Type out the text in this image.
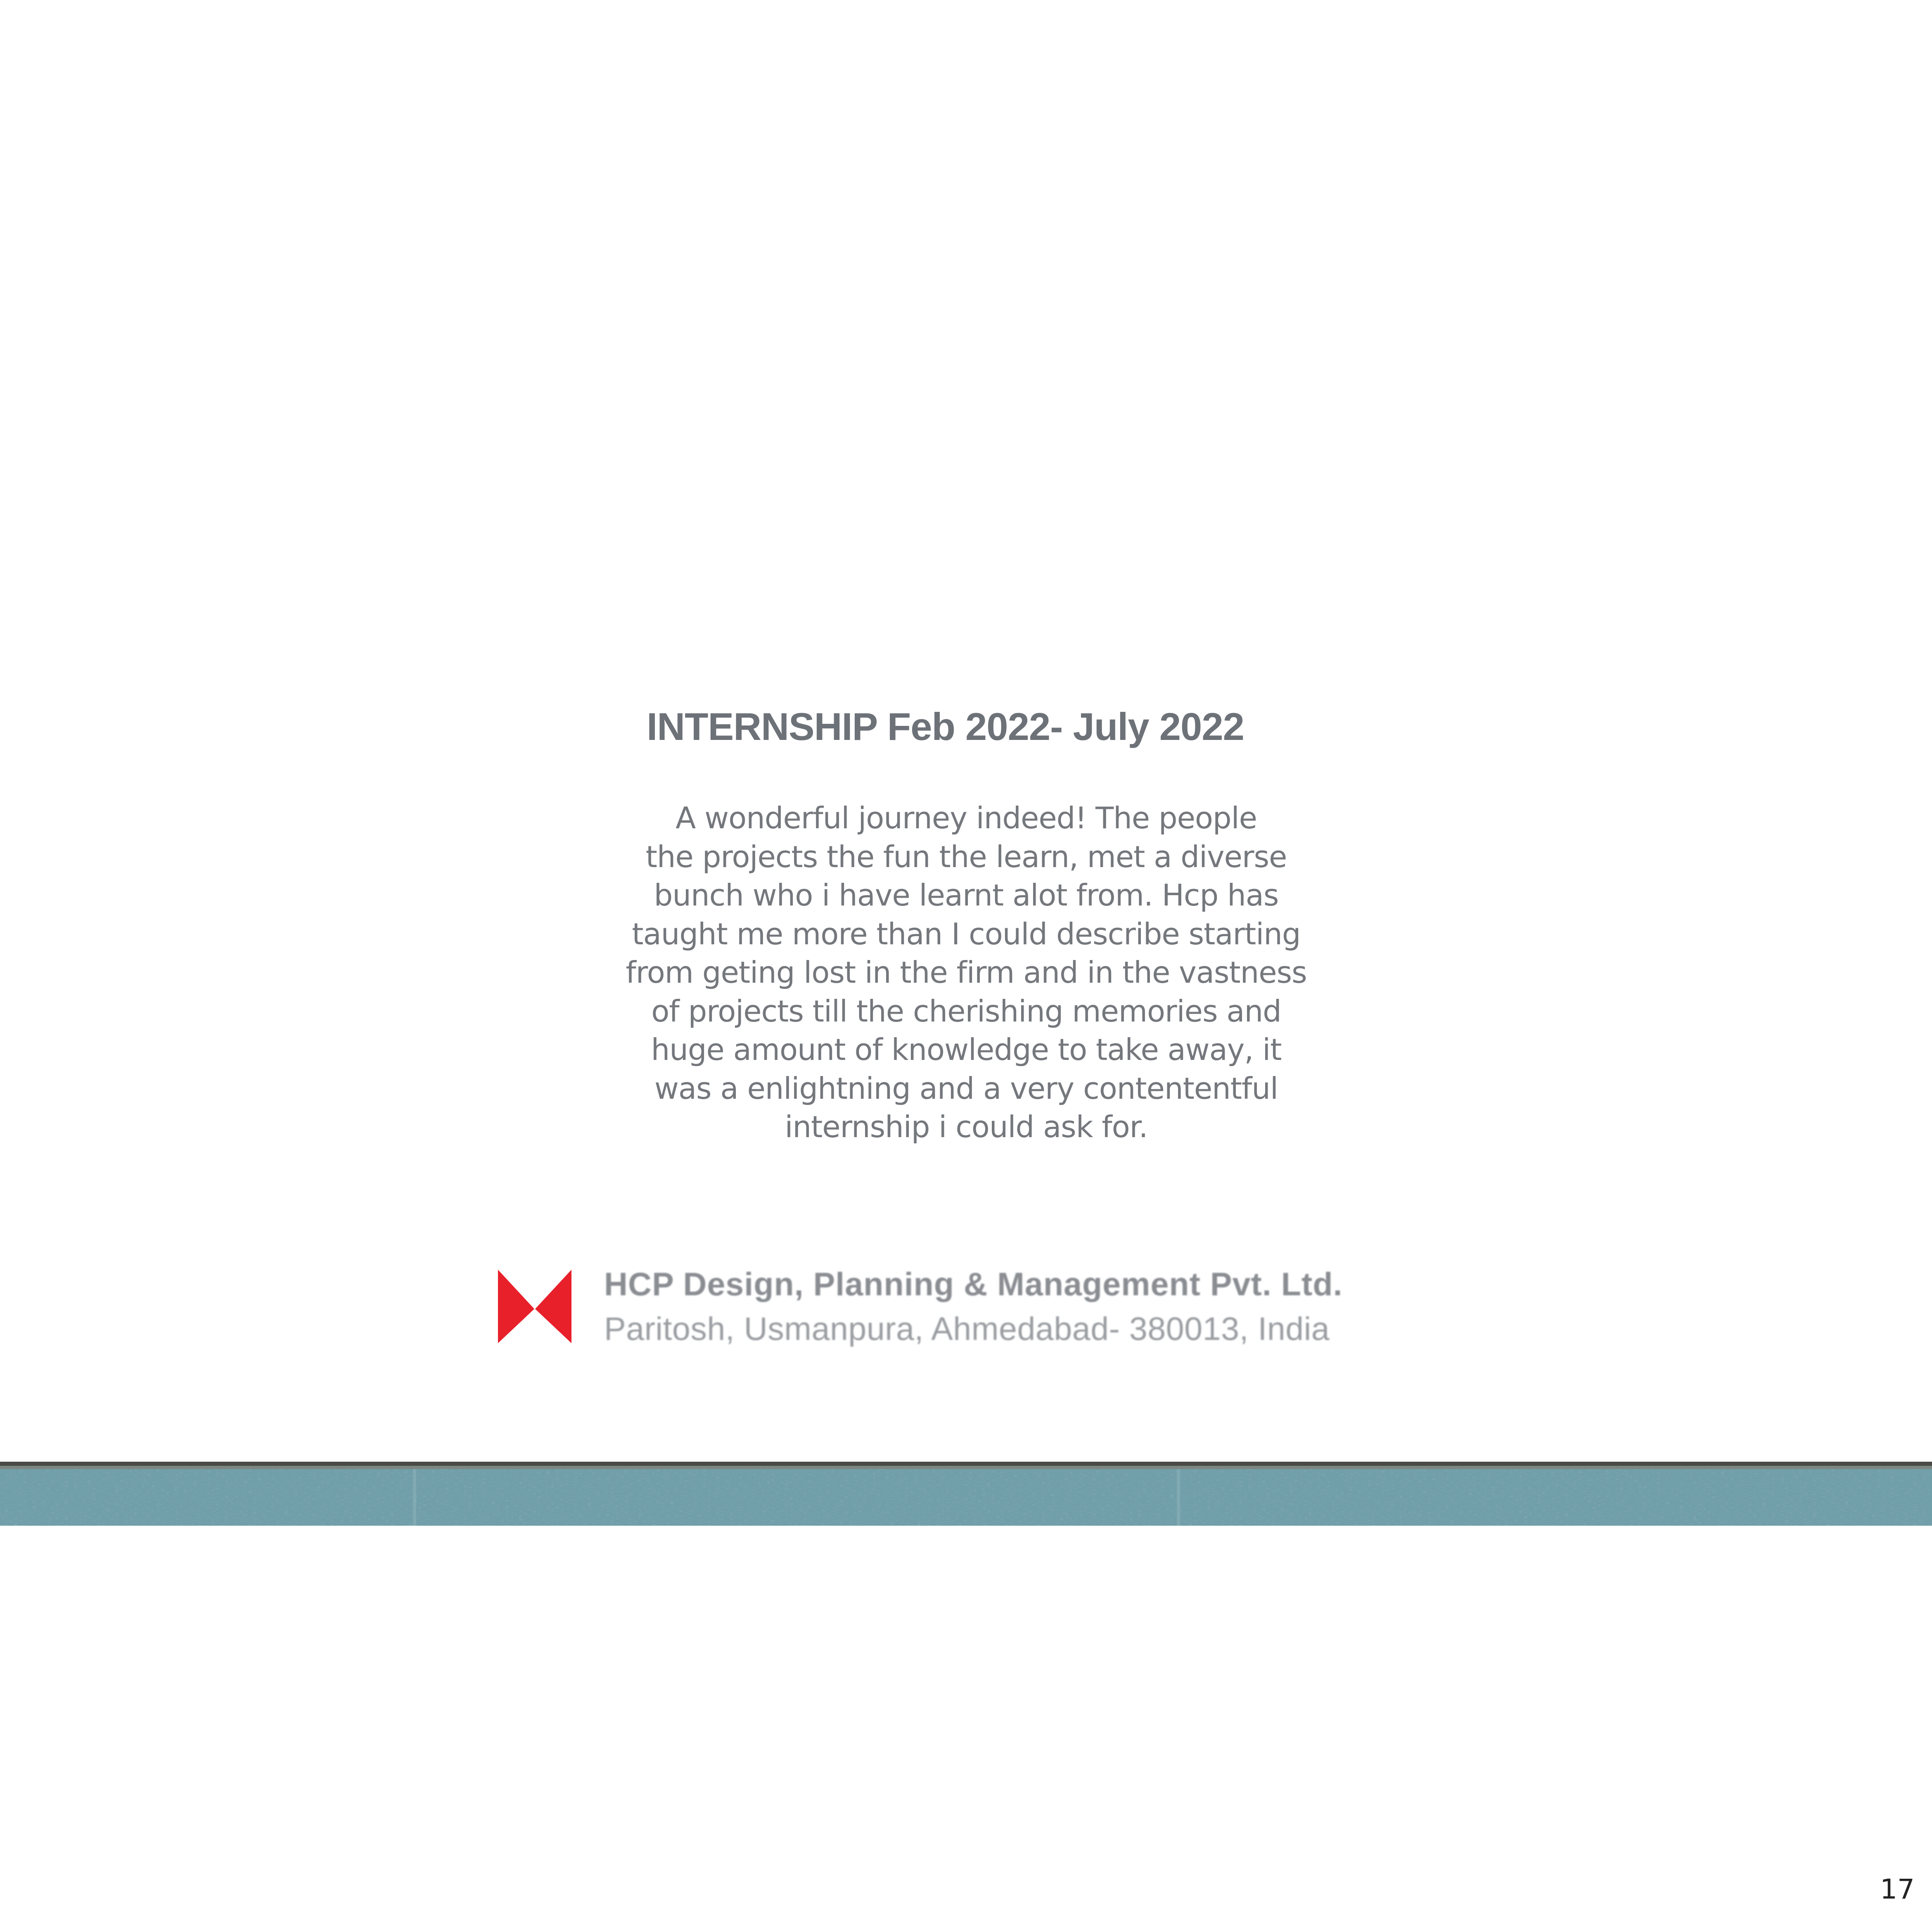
INTERNSHIP Feb 2022- July 2022
A wonderful journey indeed! The people
the projects the fun the learn, met a diverse
bunch who i have learnt alot from. Hcp has
taught me more than I could describe starting
from geting lost in the firm and in the vastness
of projects till the cherishing memories and
huge amount of knowledge to take away, it
was a enlightning and a very contententful
internship i could ask for.
HCP Design, Planning & Management Pvt. Ltd.
Paritosh, Usmanpura, Ahmedabad- 380013, India
17
